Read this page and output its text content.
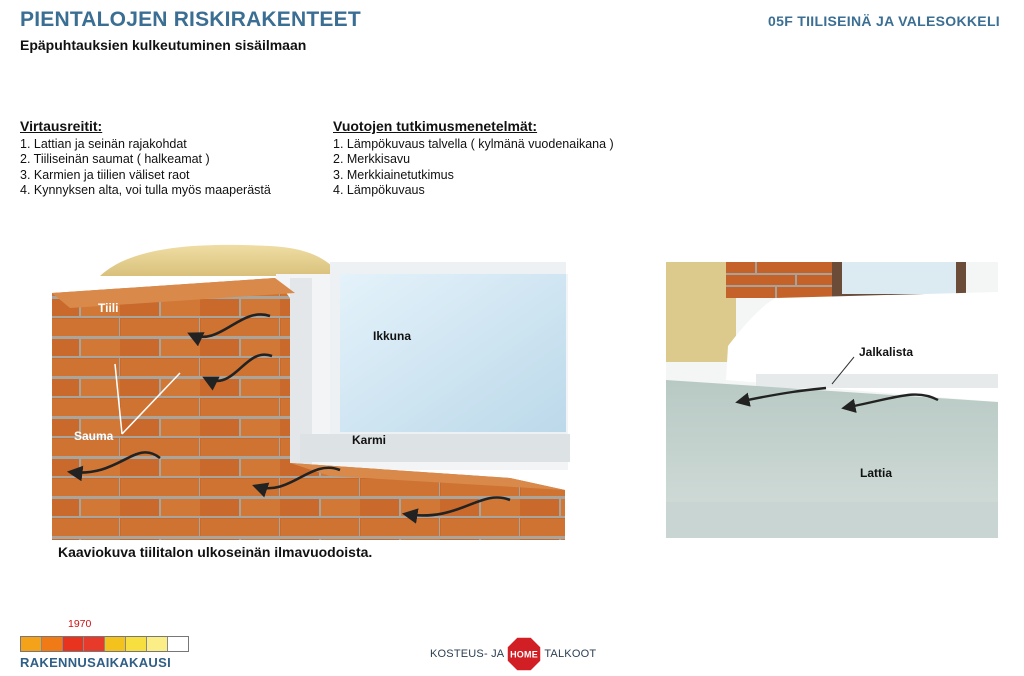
PIENTALOJEN RISKIRAKENTEET	05F TIILISEINÄ JA VALESOKKELI
Epäpuhtauksien kulkeutuminen sisäilmaan
Virtausreitit:
1. Lattian ja seinän rajakohdat
2. Tiiliseinän saumat ( halkeamat )
3. Karmien ja tiilien väliset raot
4. Kynnyksen alta, voi tulla myös maaperästä
Vuotojen tutkimusmenetelmät:
1. Lämpökuvaus talvella ( kylmänä vuodenaikana )
2. Merkkisavu
3. Merkkiainetutkimus
4. Lämpökuvaus
Tiili
Ikkuna
Sauma	Karmi
Kaaviokuva tiilitalon ulkoseinän ilmavuodoista.
Jalkalista
Lattia
1970
RAKENNUSAIKAKAUSI
KOSTEUS- JA HOME TALKOOT
